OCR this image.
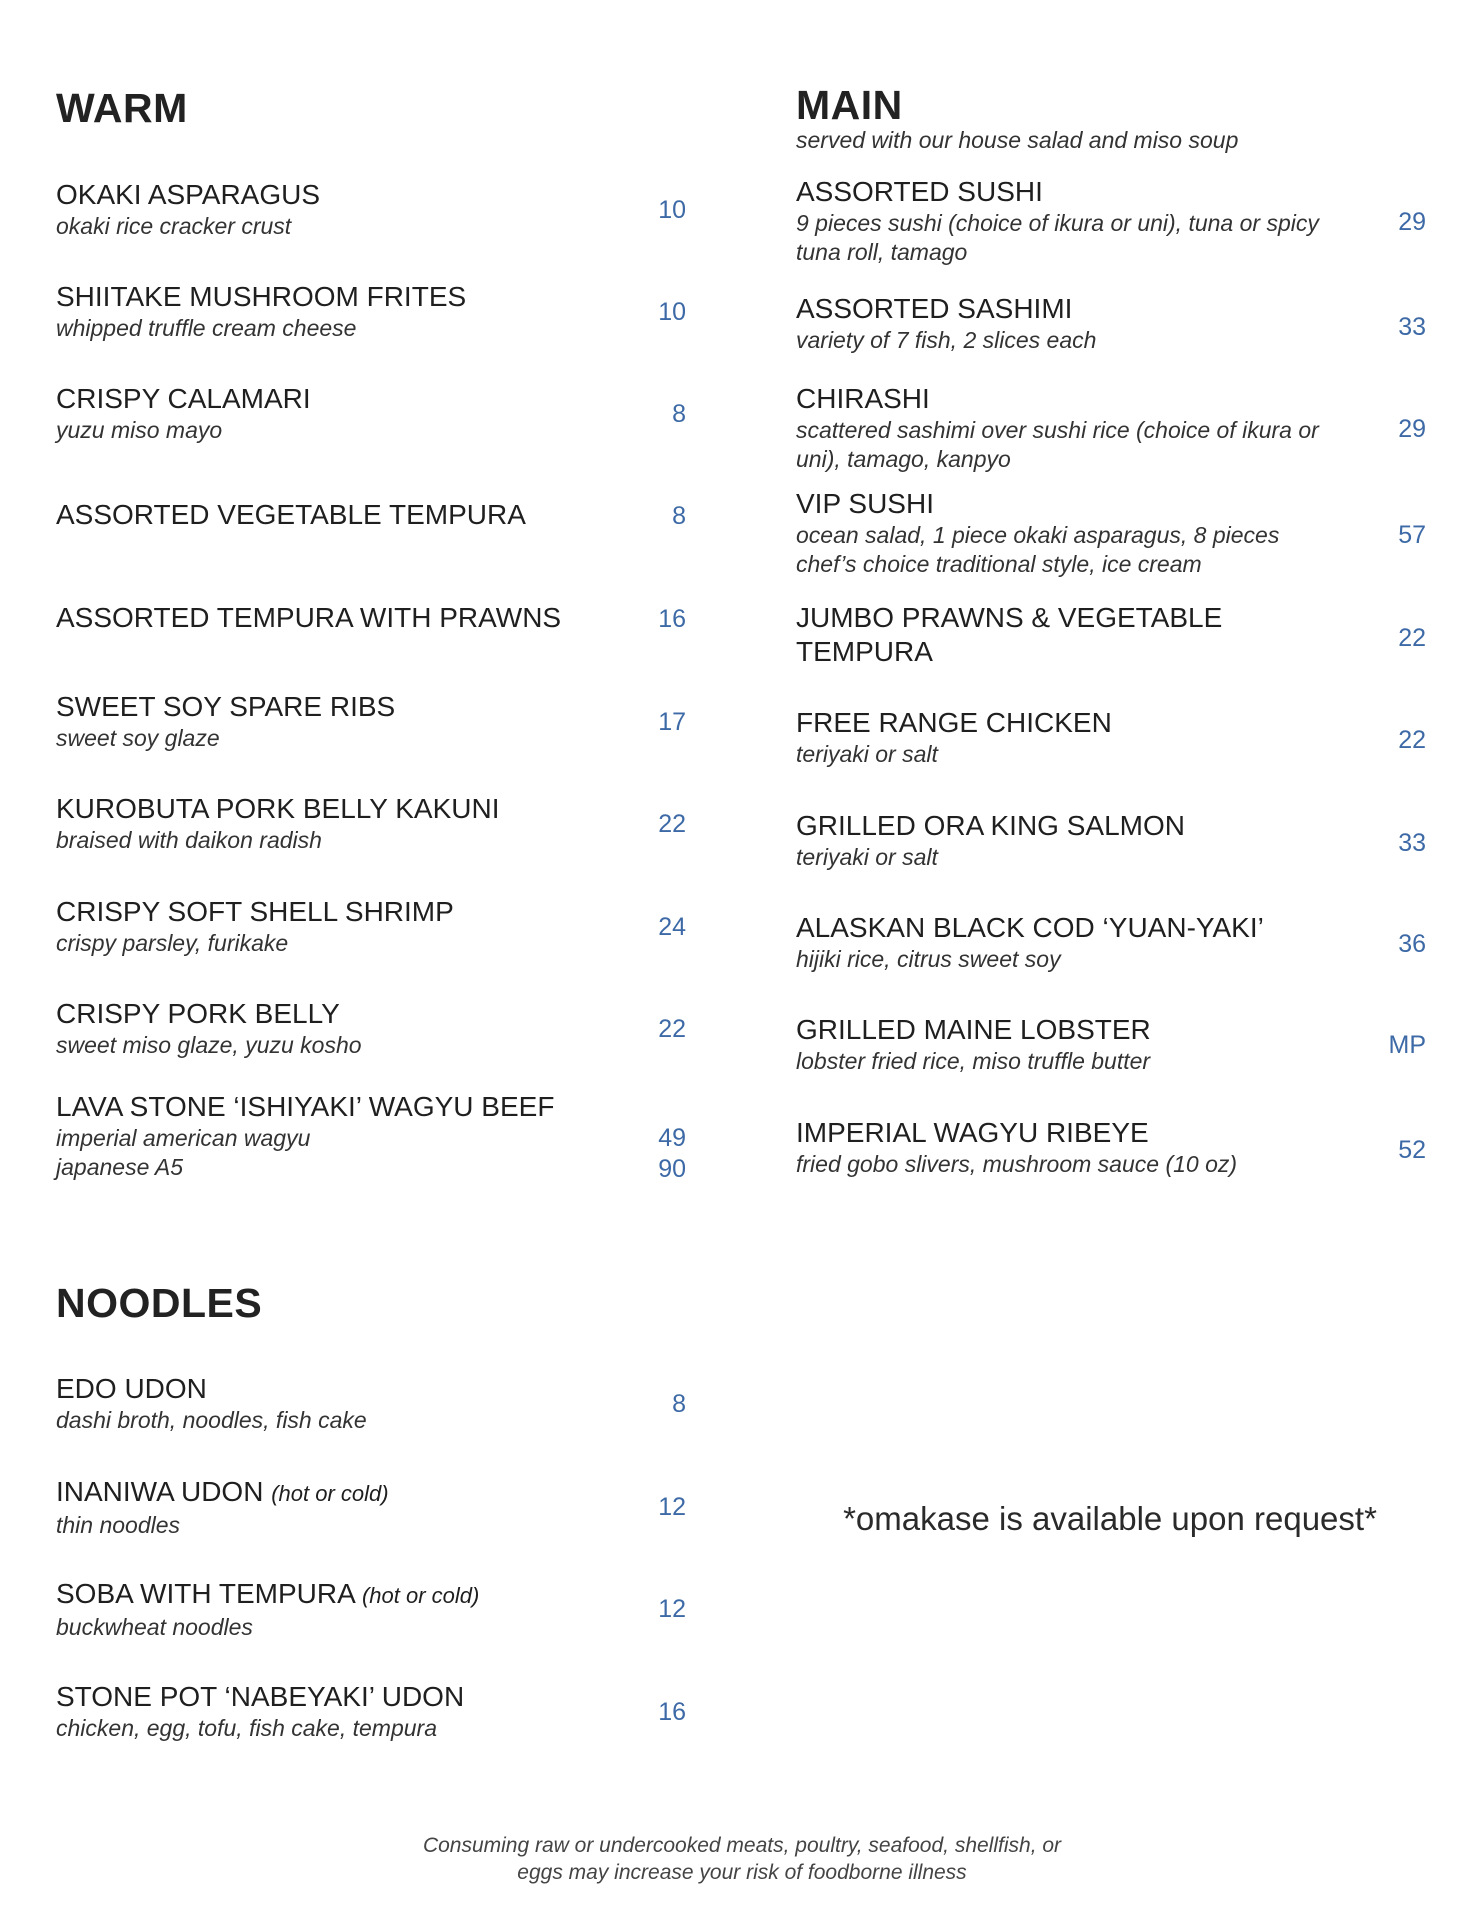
WARM
OKAKI ASPARAGUS
okaki rice cracker crust
10
SHIITAKE MUSHROOM FRITES
whipped truffle cream cheese
10
CRISPY CALAMARI
yuzu miso mayo
8
ASSORTED VEGETABLE TEMPURA	8
ASSORTED TEMPURA WITH PRAWNS	16
SWEET SOY SPARE RIBS
sweet soy glaze
17
KUROBUTA PORK BELLY KAKUNI
braised with daikon radish
22
CRISPY SOFT SHELL SHRIMP
crispy parsley, furikake
24
CRISPY PORK BELLY
sweet miso glaze, yuzu kosho
22
LAVA STONE ‘ISHIYAKI’ WAGYU BEEF
imperial american wagyu
japanese A5
49
90
NOODLES
EDO UDON
dashi broth, noodles, fish cake
8
INANIWA UDON (hot or cold)
thin noodles
12
SOBA WITH TEMPURA (hot or cold)
buckwheat noodles
12
STONE POT ‘NABEYAKI’ UDON
chicken, egg, tofu, fish cake, tempura
16
MAIN
served with our house salad and miso soup
ASSORTED SUSHI
9 pieces sushi (choice of ikura or uni), tuna or spicy
tuna roll, tamago
29
ASSORTED SASHIMI
variety of 7 fish, 2 slices each	33
CHIRASHI
scattered sashimi over sushi rice (choice of ikura or
uni), tamago, kanpyo
29
VIP SUSHI
ocean salad, 1 piece okaki asparagus, 8 pieces
chef’s choice traditional style, ice cream
57
JUMBO PRAWNS & VEGETABLE
TEMPURA	22
FREE RANGE CHICKEN
teriyaki or salt	22
GRILLED ORA KING SALMON
teriyaki or salt	33
ALASKAN BLACK COD ‘YUAN-YAKI’
hijiki rice, citrus sweet soy
36
GRILLED MAINE LOBSTER
lobster fried rice, miso truffle butter
MP
IMPERIAL WAGYU RIBEYE
fried gobo slivers, mushroom sauce (10 oz)	52
*omakase is available upon request*
Consuming raw or undercooked meats, poultry, seafood, shellfish, or
eggs may increase your risk of foodborne illness
